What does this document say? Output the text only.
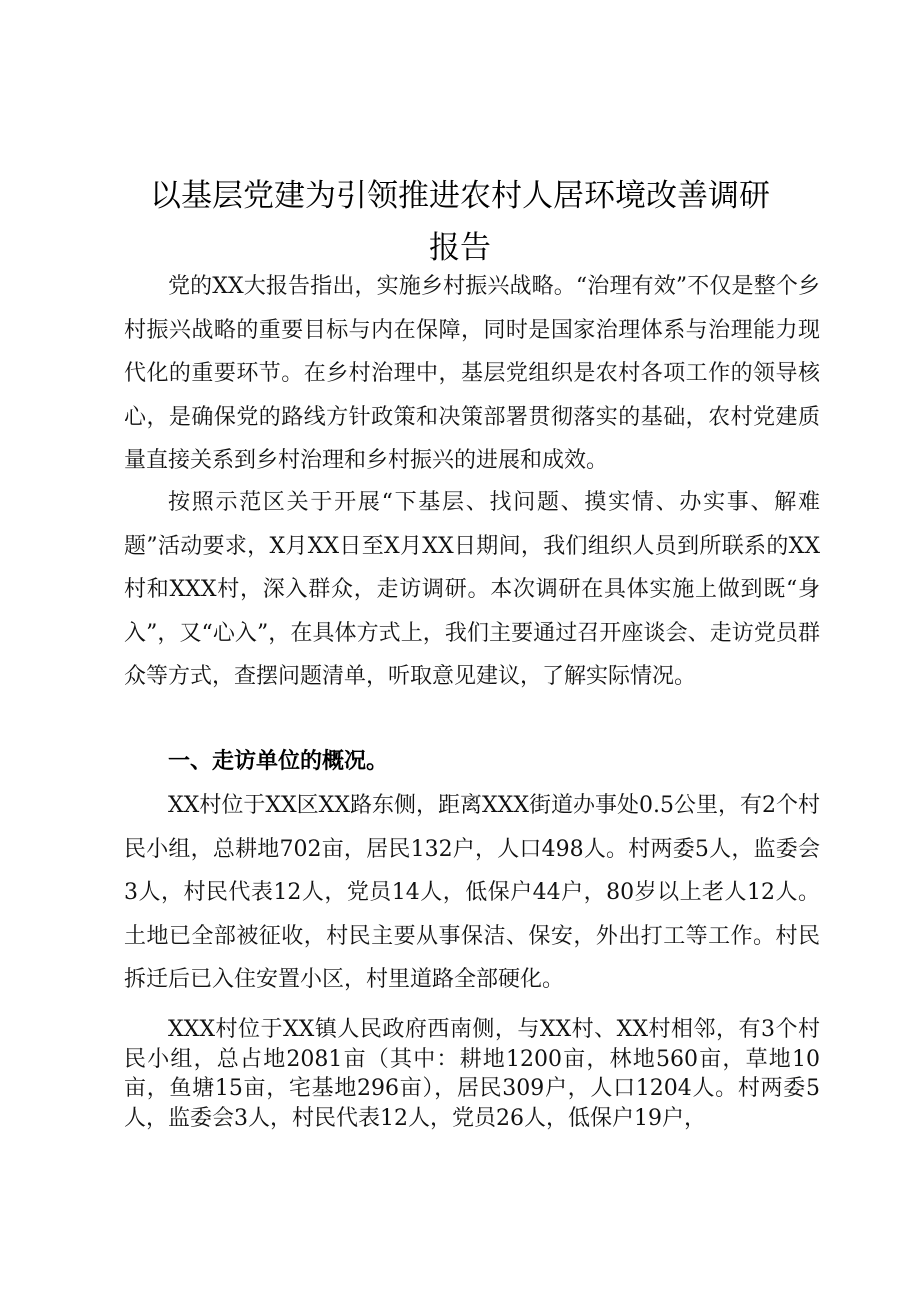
以基层党建为引领推进农村人居环境改善调研
报告

党的XX大报告指出，实施乡村振兴战略。“治理有效”不仅是整个乡村振兴战略的重要目标与内在保障，同时是国家治理体系与治理能力现代化的重要环节。在乡村治理中，基层党组织是农村各项工作的领导核心，是确保党的路线方针政策和决策部署贯彻落实的基础，农村党建质量直接关系到乡村治理和乡村振兴的进展和成效。

按照示范区关于开展“下基层、找问题、摸实情、办实事、解难题”活动要求，X月XX日至X月XX日期间，我们组织人员到所联系的XX村和XXX村，深入群众，走访调研。本次调研在具体实施上做到既“身入”，又“心入”，在具体方式上，我们主要通过召开座谈会、走访党员群众等方式，查摆问题清单，听取意见建议，了解实际情况。

一、走访单位的概况。

XX村位于XX区XX路东侧，距离XXX街道办事处0.5公里，有2个村民小组，总耕地702亩，居民132户，人口498人。村两委5人，监委会3人，村民代表12人，党员14人，低保户44户，80岁以上老人12人。土地已全部被征收，村民主要从事保洁、保安，外出打工等工作。村民拆迁后已入住安置小区，村里道路全部硬化。

XXX村位于XX镇人民政府西南侧，与XX村、XX村相邻，有3个村民小组，总占地2081亩（其中：耕地1200亩，林地560亩，草地10亩，鱼塘15亩，宅基地296亩），居民309户，人口1204人。村两委5人，监委会3人，村民代表12人，党员26人，低保户19户，
